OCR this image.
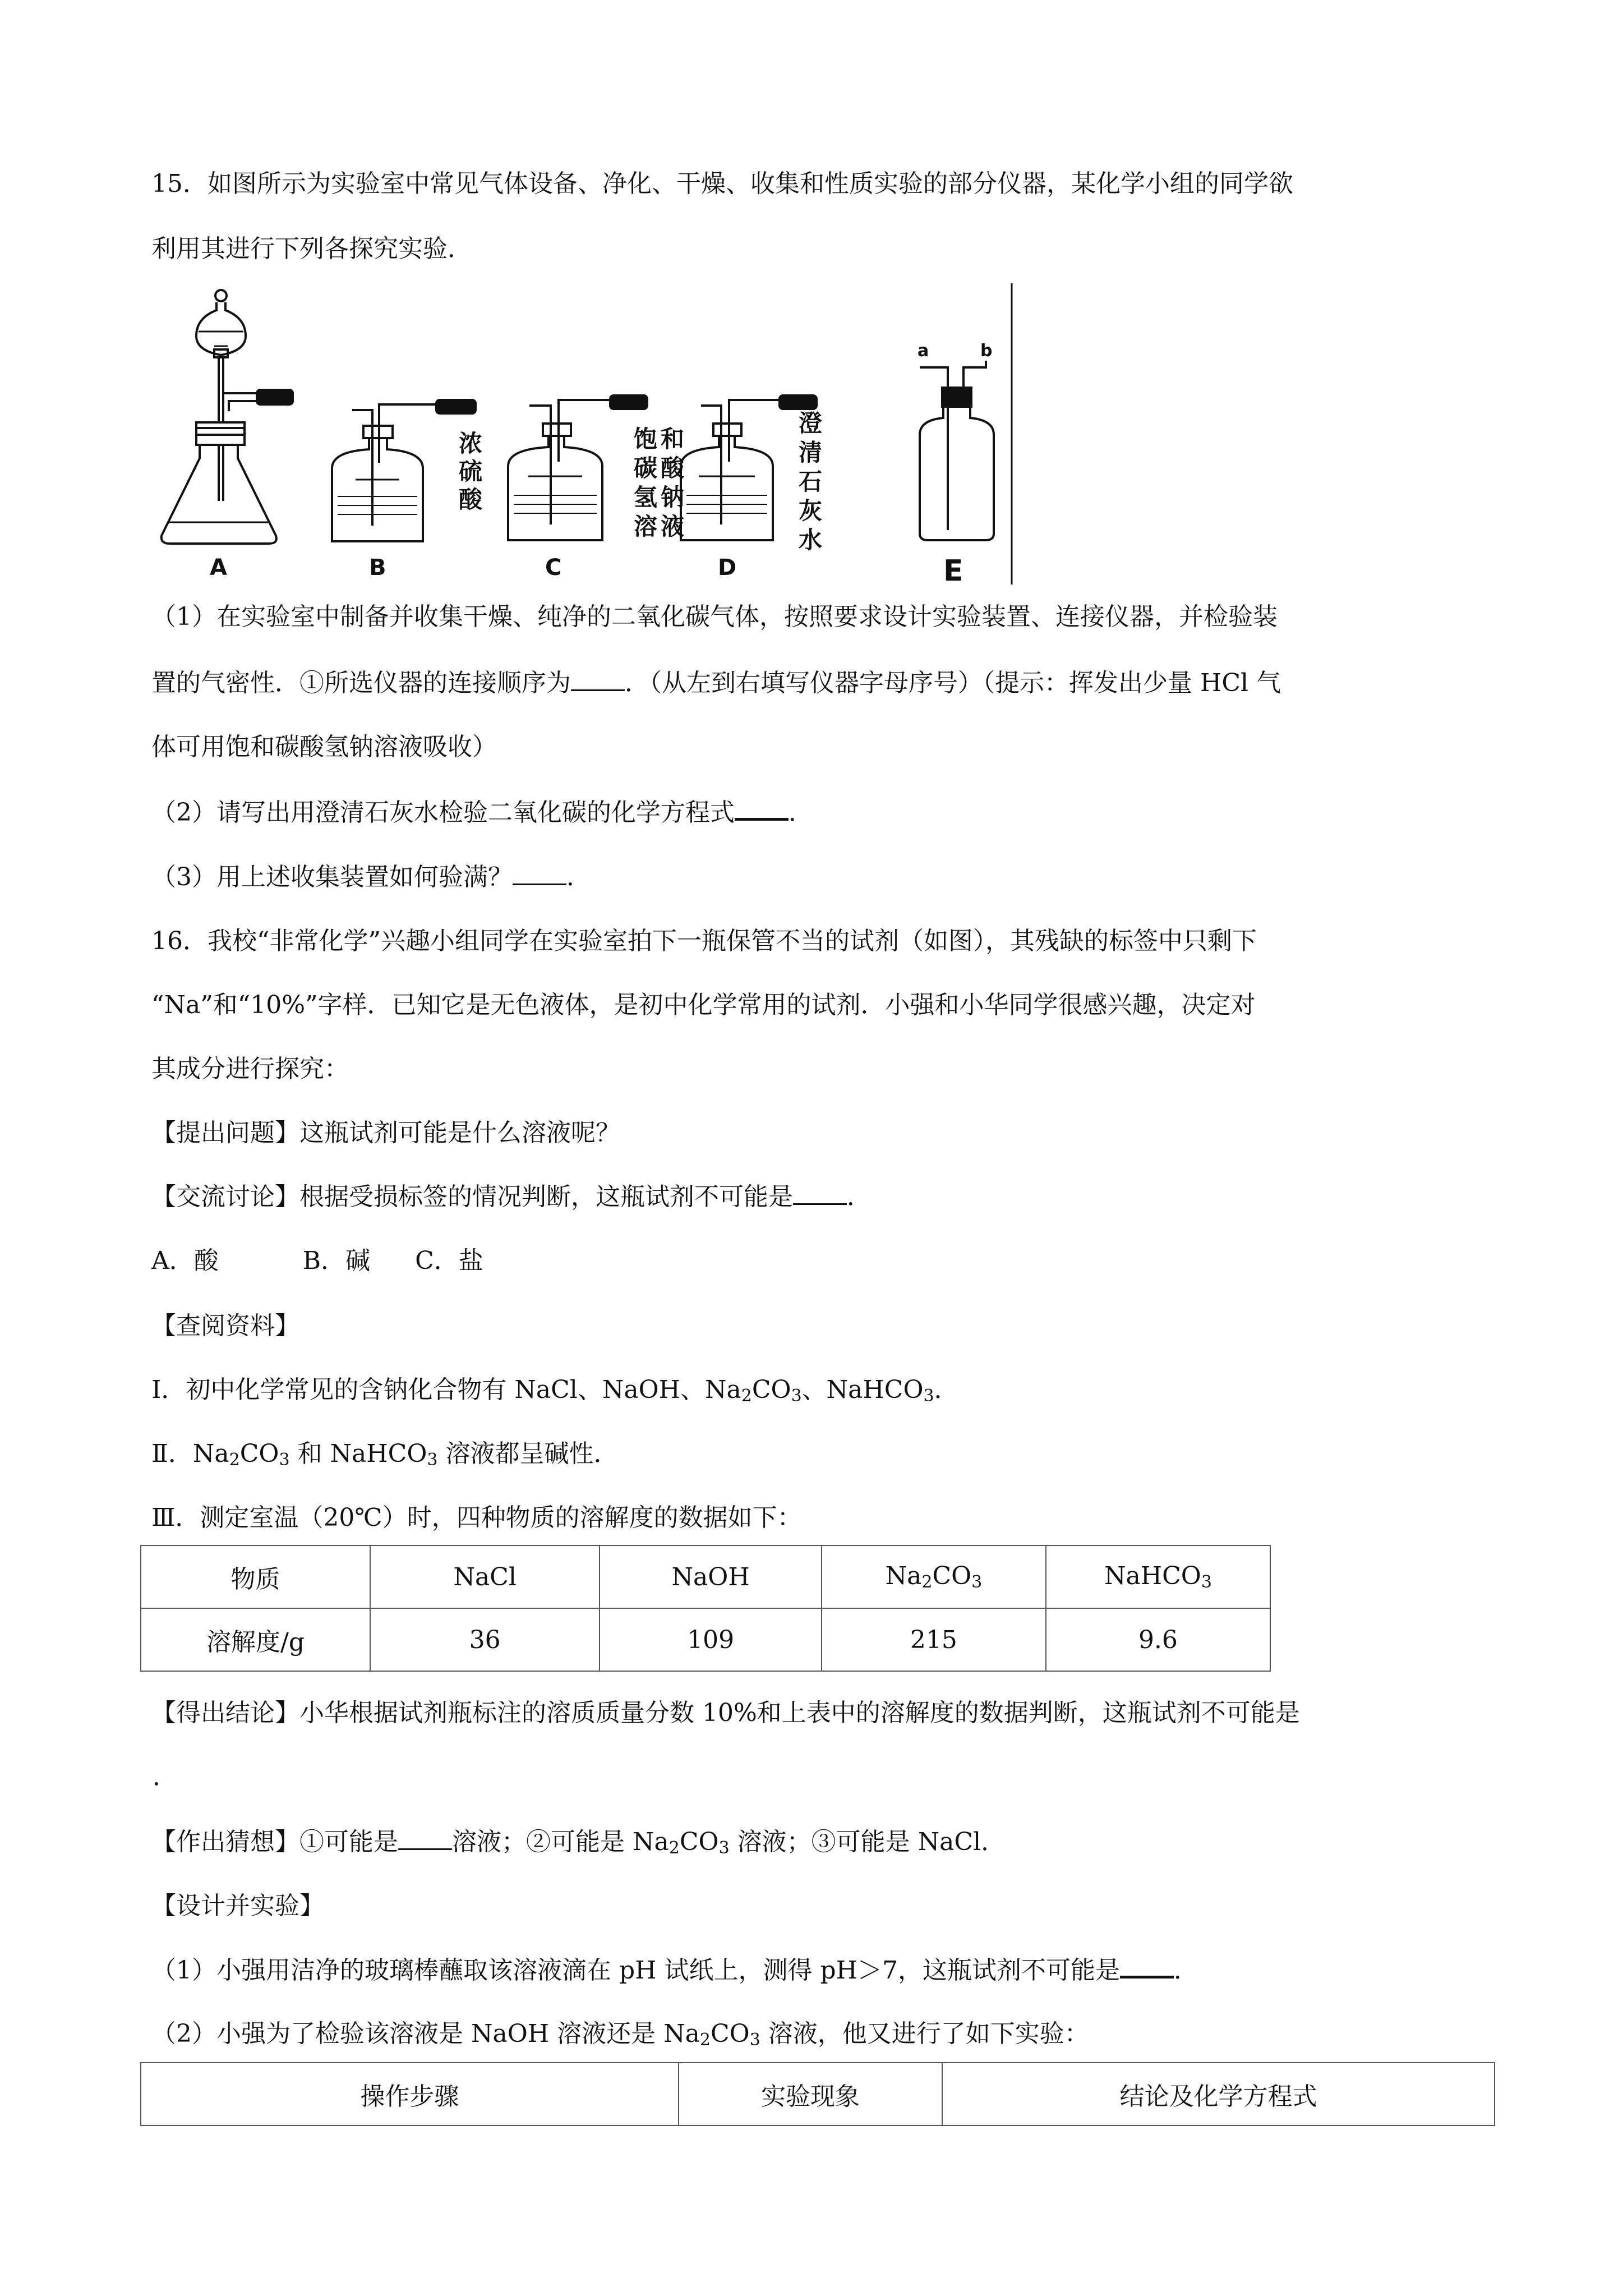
15．如图所示为实验室中常见气体设备、净化、干燥、收集和性质实验的部分仪器，某化学小组的同学欲
利用其进行下列各探究实验．
A	B	C	D	E
a	b
浓
硫
酸
饱
碳
氢
溶
和
酸
钠
液
澄
清
石
灰
水
（1）在实验室中制备并收集干燥、纯净的二氧化碳气体，按照要求设计实验装置、连接仪器，并检验装
置的气密性．①所选仪器的连接顺序为 ．（从左到右填写仪器字母序号）（提示：挥发出少量 HCl 气
体可用饱和碳酸氢钠溶液吸收）
（2）请写出用澄清石灰水检验二氧化碳的化学方程式 ．
（3）用上述收集装置如何验满？ ．
16．我校“非常化学”兴趣小组同学在实验室拍下一瓶保管不当的试剂（如图），其残缺的标签中只剩下
“Na”和“10%”字样．已知它是无色液体，是初中化学常用的试剂．小强和小华同学很感兴趣，决定对
其成分进行探究：
【提出问题】这瓶试剂可能是什么溶液呢？
【交流讨论】根据受损标签的情况判断，这瓶试剂不可能是 ．
A．酸	B．碱 C．盐
【查阅资料】
Ⅰ．初中化学常见的含钠化合物有 NaCl、NaOH、$Na_2CO_3$、NaHCO$_3$．
Ⅱ．$Na_2CO_3$ 和 NaHCO$_3$ 溶液都呈碱性．
Ⅲ．测定室温（20℃）时，四种物质的溶解度的数据如下：
物质	NaCl	NaOH	$Na_2CO_3$	NaHCO$_3$
溶解度/g	36	109	215	9.6
【得出结论】小华根据试剂瓶标注的溶质质量分数 10%和上表中的溶解度的数据判断，这瓶试剂不可能是
．
【作出猜想】①可能是 溶液；②可能是 $Na_2CO_3$ 溶液；③可能是 NaCl．
【设计并实验】
（1）小强用洁净的玻璃棒蘸取该溶液滴在 pH 试纸上，测得 pH＞7，这瓶试剂不可能是 ．
（2）小强为了检验该溶液是 NaOH 溶液还是 $Na_2CO_3$ 溶液，他又进行了如下实验：
操作步骤	实验现象	结论及化学方程式
